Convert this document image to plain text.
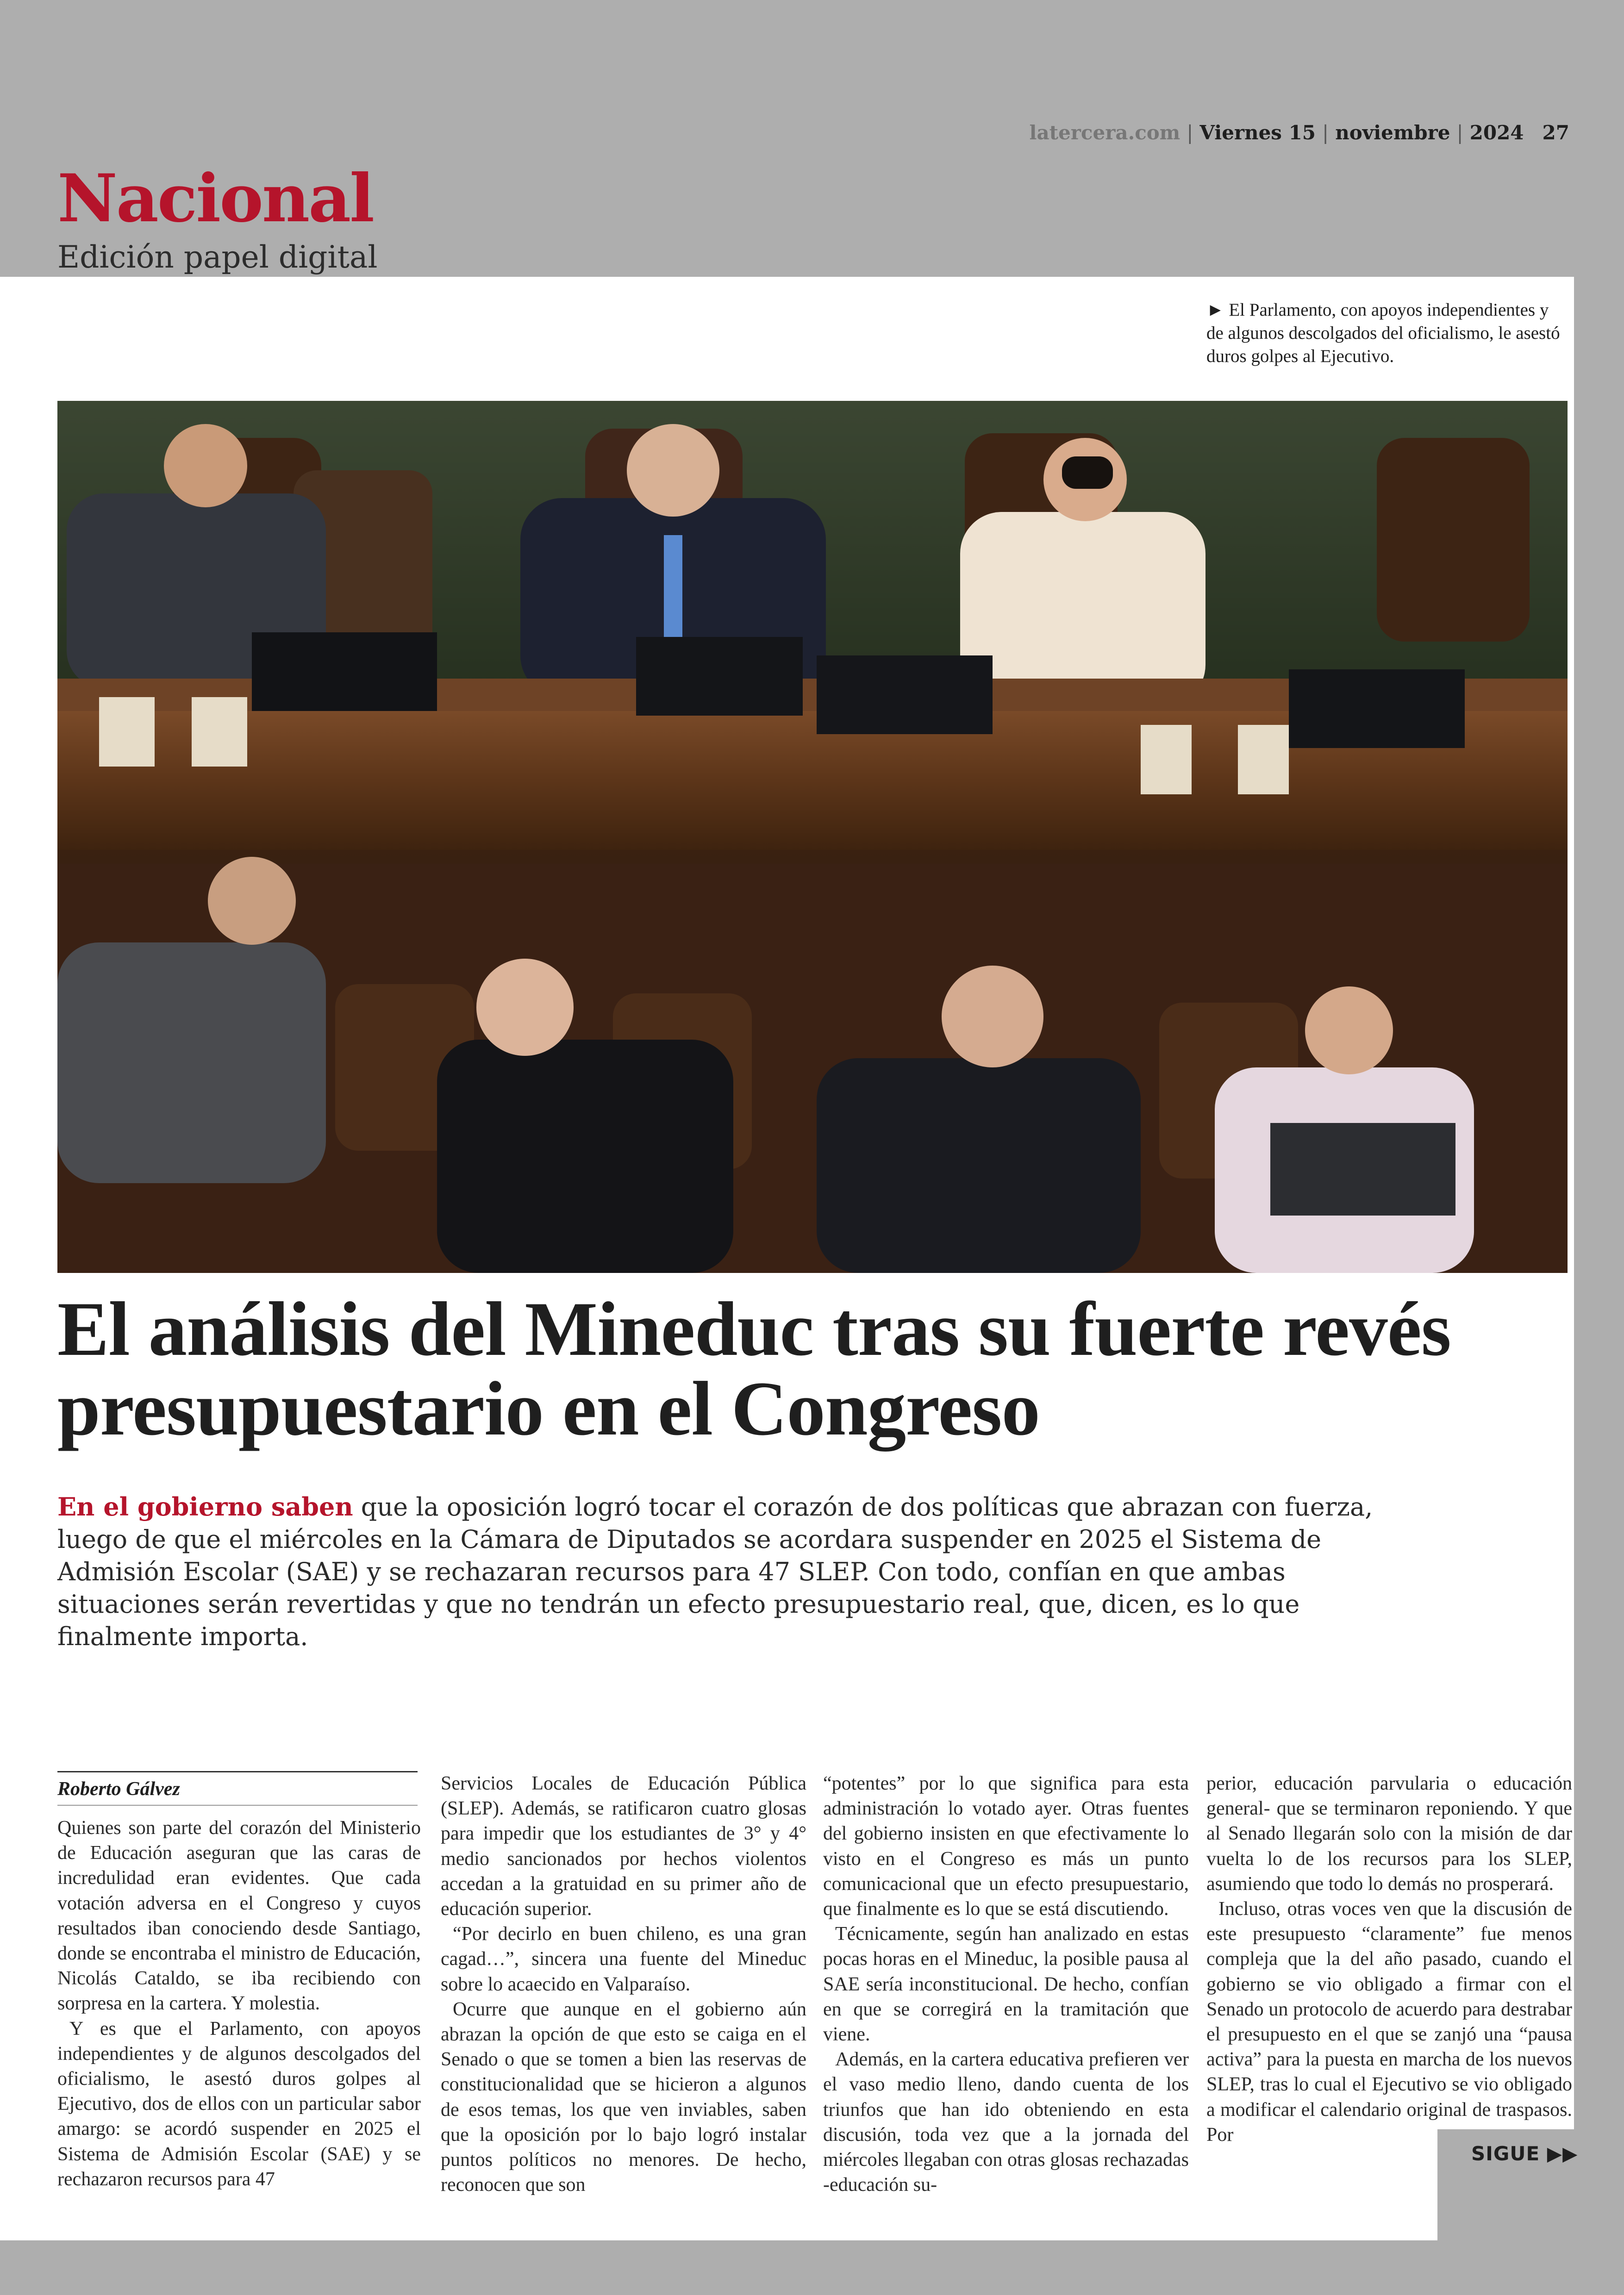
latercera.com | Viernes 15 | noviembre | 2024 27
Nacional
Edición papel digital
► El Parlamento, con apoyos independientes y de algunos descolgados del oficialismo, le asestó duros golpes al Ejecutivo.
El análisis del Mineduc tras su fuerte revés presupuestario en el Congreso
En el gobierno saben que la oposición logró tocar el corazón de dos políticas que abrazan con fuerza, luego de que el miércoles en la Cámara de Diputados se acordara suspender en 2025 el Sistema de Admisión Escolar (SAE) y se rechazaran recursos para 47 SLEP. Con todo, confían en que ambas situaciones serán revertidas y que no tendrán un efecto presupuestario real, que, dicen, es lo que finalmente importa.
Roberto Gálvez

Quienes son parte del corazón del Ministerio de Educación aseguran que las caras de incredulidad eran evidentes. Que cada votación adversa en el Congreso y cuyos resultados iban conociendo desde Santiago, donde se encontraba el ministro de Educación, Nicolás Cataldo, se iba recibiendo con sorpresa en la cartera. Y molestia.

Y es que el Parlamento, con apoyos independientes y de algunos descolgados del oficialismo, le asestó duros golpes al Ejecutivo, dos de ellos con un particular sabor amargo: se acordó suspender en 2025 el Sistema de Admisión Escolar (SAE) y se rechazaron recursos para 47

Servicios Locales de Educación Pública (SLEP). Además, se ratificaron cuatro glosas para impedir que los estudiantes de 3° y 4° medio sancionados por hechos violentos accedan a la gratuidad en su primer año de educación superior.

“Por decirlo en buen chileno, es una gran cagad…”, sincera una fuente del Mineduc sobre lo acaecido en Valparaíso.

Ocurre que aunque en el gobierno aún abrazan la opción de que esto se caiga en el Senado o que se tomen a bien las reservas de constitucionalidad que se hicieron a algunos de esos temas, los que ven inviables, saben que la oposición por lo bajo logró instalar puntos políticos no menores. De hecho, reconocen que son

“potentes” por lo que significa para esta administración lo votado ayer. Otras fuentes del gobierno insisten en que efectivamente lo visto en el Congreso es más un punto comunicacional que un efecto presupuestario, que finalmente es lo que se está discutiendo.

Técnicamente, según han analizado en estas pocas horas en el Mineduc, la posible pausa al SAE sería inconstitucional. De hecho, confían en que se corregirá en la tramitación que viene.

Además, en la cartera educativa prefieren ver el vaso medio lleno, dando cuenta de los triunfos que han ido obteniendo en esta discusión, toda vez que a la jornada del miércoles llegaban con otras glosas rechazadas -educación su-

perior, educación parvularia o educación general- que se terminaron reponiendo. Y que al Senado llegarán solo con la misión de dar vuelta lo de los recursos para los SLEP, asumiendo que todo lo demás no prosperará.

Incluso, otras voces ven que la discusión de este presupuesto “claramente” fue menos compleja que la del año pasado, cuando el gobierno se vio obligado a firmar con el Senado un protocolo de acuerdo para destrabar el presupuesto en el que se zanjó una “pausa activa” para la puesta en marcha de los nuevos SLEP, tras lo cual el Ejecutivo se vio obligado a modificar el calendario original de traspasos. Por

SIGUE ▶▶
